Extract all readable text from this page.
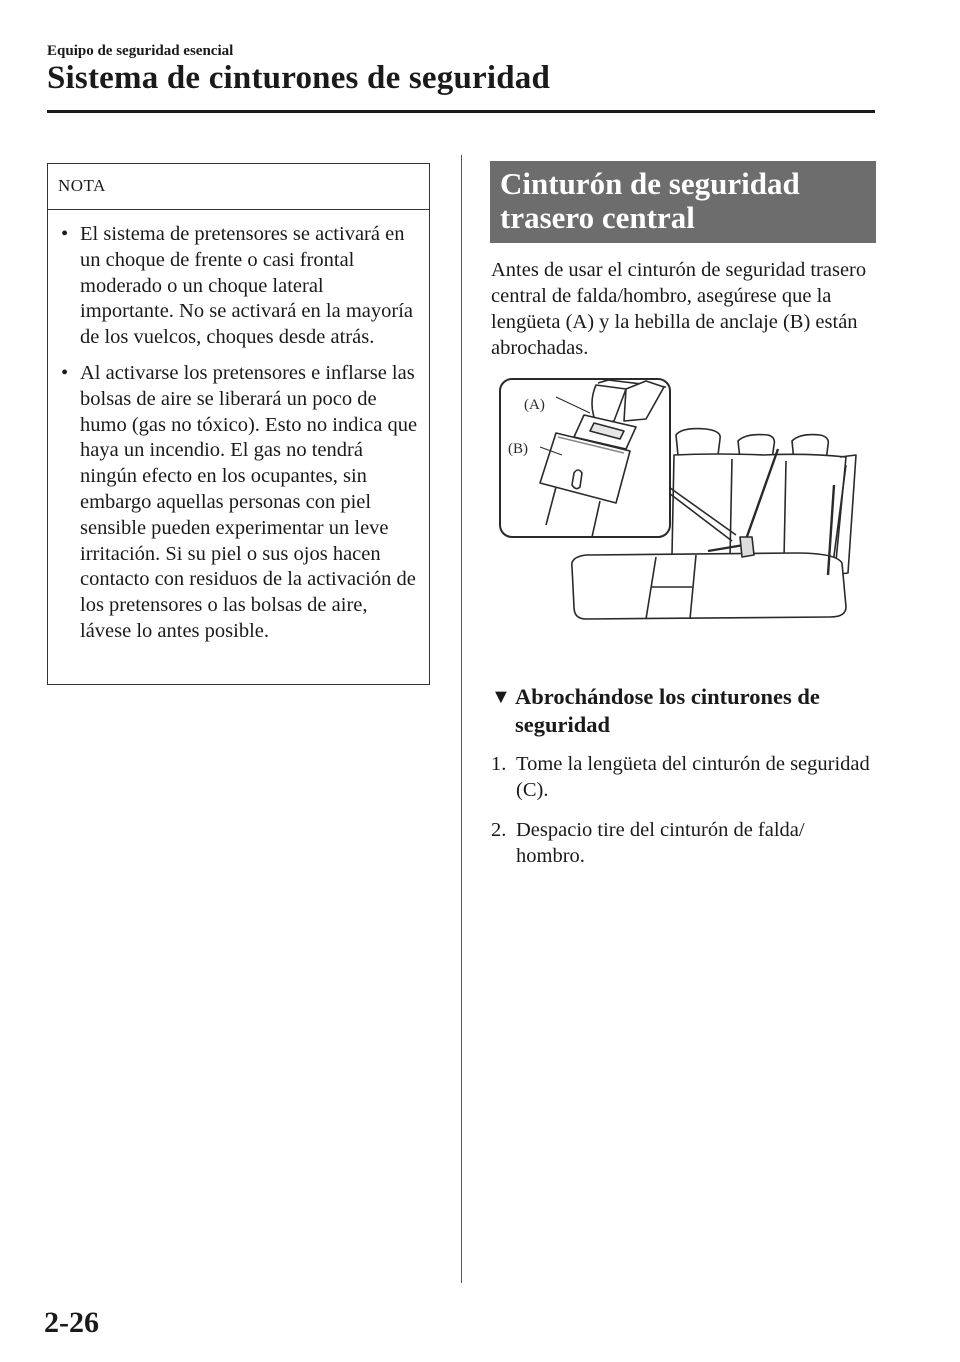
Equipo de seguridad esencial
Sistema de cinturones de seguridad
NOTA
• El sistema de pretensores se activará en un choque de frente o casi frontal moderado o un choque lateral importante. No se activará en la mayoría de los vuelcos, choques desde atrás.
• Al activarse los pretensores e inflarse las bolsas de aire se liberará un poco de humo (gas no tóxico). Esto no indica que haya un incendio. El gas no tendrá ningún efecto en los ocupantes, sin embargo aquellas personas con piel sensible pueden experimentar un leve irritación. Si su piel o sus ojos hacen contacto con residuos de la activación de los pretensores o las bolsas de aire, lávese lo antes posible.
Cinturón de seguridad
trasero central
Antes de usar el cinturón de seguridad trasero central de falda/hombro, asegúrese que la lengüeta (A) y la hebilla de anclaje (B) están abrochadas.
(A)
(B)
▼ Abrochándose los cinturones de seguridad
1. Tome la lengüeta del cinturón de seguridad (C).
2. Despacio tire del cinturón de falda/ hombro.
2-26
